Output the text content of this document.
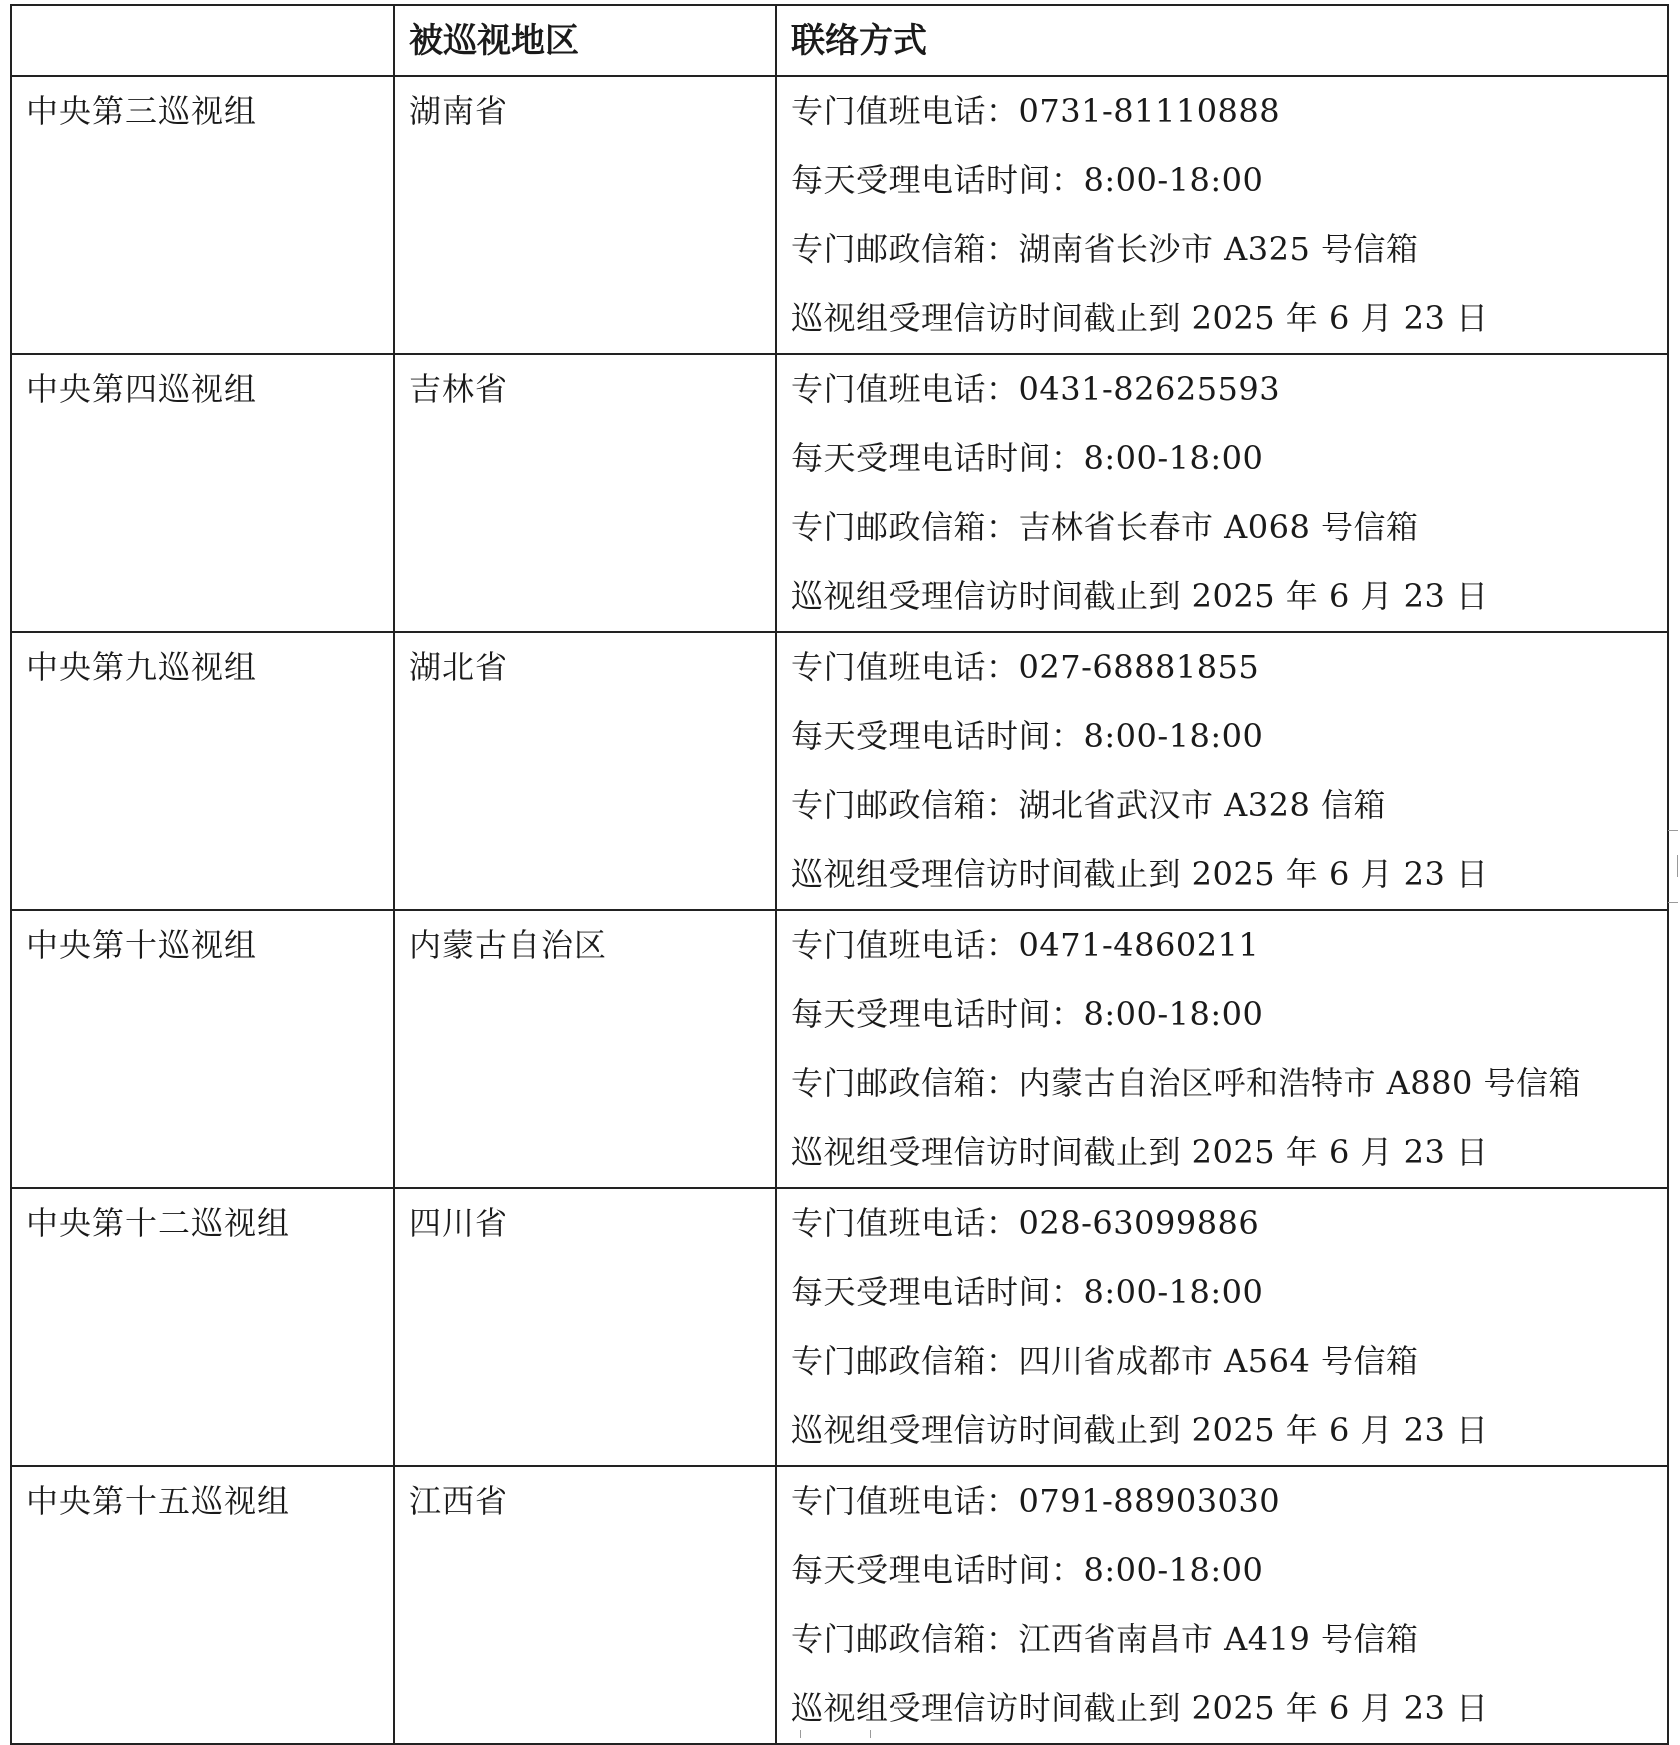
	被巡视地区	联络方式

中央第三巡视组	湖南省	专门值班电话：0731-81110888
每天受理电话时间：8:00-18:00
专门邮政信箱：湖南省长沙市 A325 号信箱
巡视组受理信访时间截止到 2025 年 6 月 23 日

中央第四巡视组	吉林省	专门值班电话：0431-82625593
每天受理电话时间：8:00-18:00
专门邮政信箱：吉林省长春市 A068 号信箱
巡视组受理信访时间截止到 2025 年 6 月 23 日

中央第九巡视组	湖北省	专门值班电话：027-68881855
每天受理电话时间：8:00-18:00
专门邮政信箱：湖北省武汉市 A328 信箱
巡视组受理信访时间截止到 2025 年 6 月 23 日

中央第十巡视组	内蒙古自治区	专门值班电话：0471-4860211
每天受理电话时间：8:00-18:00
专门邮政信箱：内蒙古自治区呼和浩特市 A880 号信箱
巡视组受理信访时间截止到 2025 年 6 月 23 日

中央第十二巡视组	四川省	专门值班电话：028-63099886
每天受理电话时间：8:00-18:00
专门邮政信箱：四川省成都市 A564 号信箱
巡视组受理信访时间截止到 2025 年 6 月 23 日

中央第十五巡视组	江西省	专门值班电话：0791-88903030
每天受理电话时间：8:00-18:00
专门邮政信箱：江西省南昌市 A419 号信箱
巡视组受理信访时间截止到 2025 年 6 月 23 日
